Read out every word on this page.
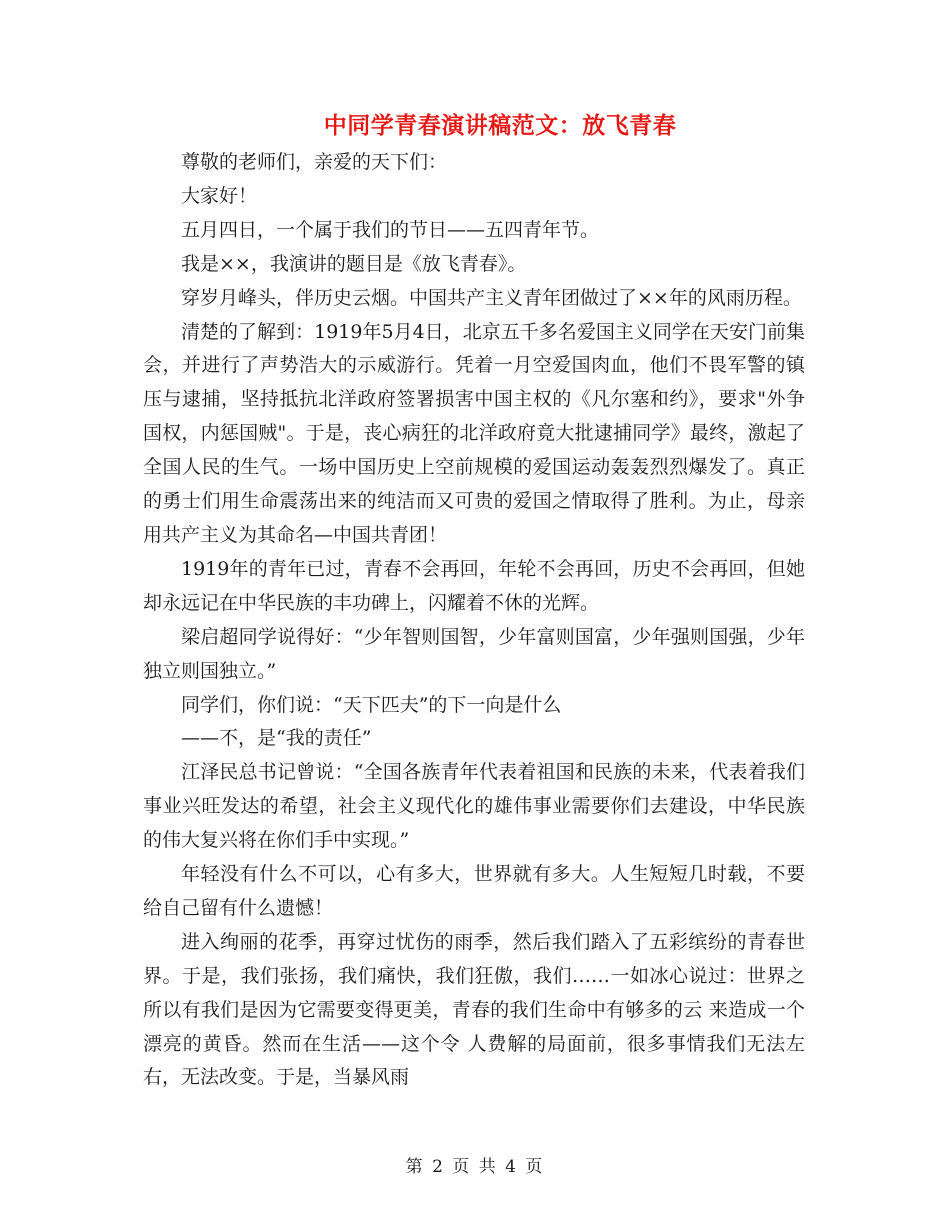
中同学青春演讲稿范文：放飞青春

尊敬的老师们，亲爱的天下们：

大家好！

五月四日，一个属于我们的节日——五四青年节。

我是××，我演讲的题目是《放飞青春》。

穿岁月峰头，伴历史云烟。中国共产主义青年团做过了××年的风雨历程。

清楚的了解到：1919年5月4日，北京五千多名爱国主义同学在天安门前集会，并进行了声势浩大的示威游行。凭着一月空爱国肉血，他们不畏军警的镇压与逮捕，坚持抵抗北洋政府签署损害中国主权的《凡尔塞和约》，要求"外争国权，内惩国贼"。于是，丧心病狂的北洋政府竟大批逮捕同学》最终，激起了全国人民的生气。一场中国历史上空前规模的爱国运动轰轰烈烈爆发了。真正的勇士们用生命震荡出来的纯洁而又可贵的爱国之情取得了胜利。为止，母亲用共产主义为其命名—中国共青团！

1919年的青年已过，青春不会再回，年轮不会再回，历史不会再回，但她却永远记在中华民族的丰功碑上，闪耀着不休的光辉。

梁启超同学说得好：“少年智则国智，少年富则国富，少年强则国强，少年独立则国独立。”

同学们，你们说：“天下匹夫”的下一向是什么

——不，是“我的责任”

江泽民总书记曾说：“全国各族青年代表着祖国和民族的未来，代表着我们事业兴旺发达的希望，社会主义现代化的雄伟事业需要你们去建设，中华民族的伟大复兴将在你们手中实现。”

年轻没有什么不可以，心有多大，世界就有多大。人生短短几时载，不要给自己留有什么遗憾！

进入绚丽的花季，再穿过忧伤的雨季，然后我们踏入了五彩缤纷的青春世界。于是，我们张扬，我们痛快，我们狂傲，我们……一如冰心说过：世界之所以有我们是因为它需要变得更美，青春的我们生命中有够多的云 来造成一个漂亮的黄昏。然而在生活——这个令 人费解的局面前，很多事情我们无法左右，无法改变。于是，当暴风雨

第 2 页 共 4 页
